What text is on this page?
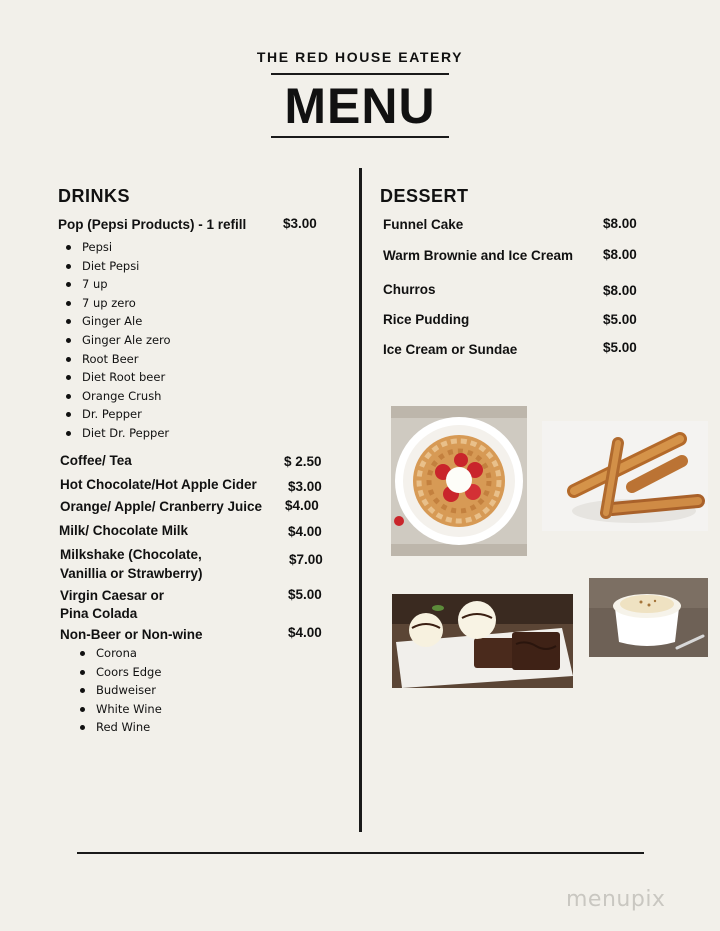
THE RED HOUSE EATERY
MENU
DRINKS
Pop (Pepsi Products) - 1 refill	$3.00
Pepsi
Diet Pepsi
7 up
7 up zero
Ginger Ale
Ginger Ale zero
Root Beer
Diet Root beer
Orange Crush
Dr. Pepper
Diet Dr. Pepper
Coffee/ Tea	$ 2.50
Hot Chocolate/Hot Apple Cider $3.00
Orange/ Apple/ Cranberry Juice $4.00
Milk/ Chocolate Milk	$4.00
Milkshake (Chocolate,
Vanillia or Strawberry)
$7.00
Virgin Caesar or
Pina Colada
$5.00
Non-Beer or Non-wine	$4.00
Corona
Coors Edge
Budweiser
White Wine
Red Wine
DESSERT
Funnel Cake	$8.00
Warm Brownie and Ice Cream $8.00
Churros	$8.00
Rice Pudding	$5.00
Ice Cream or Sundae	$5.00
menupix
